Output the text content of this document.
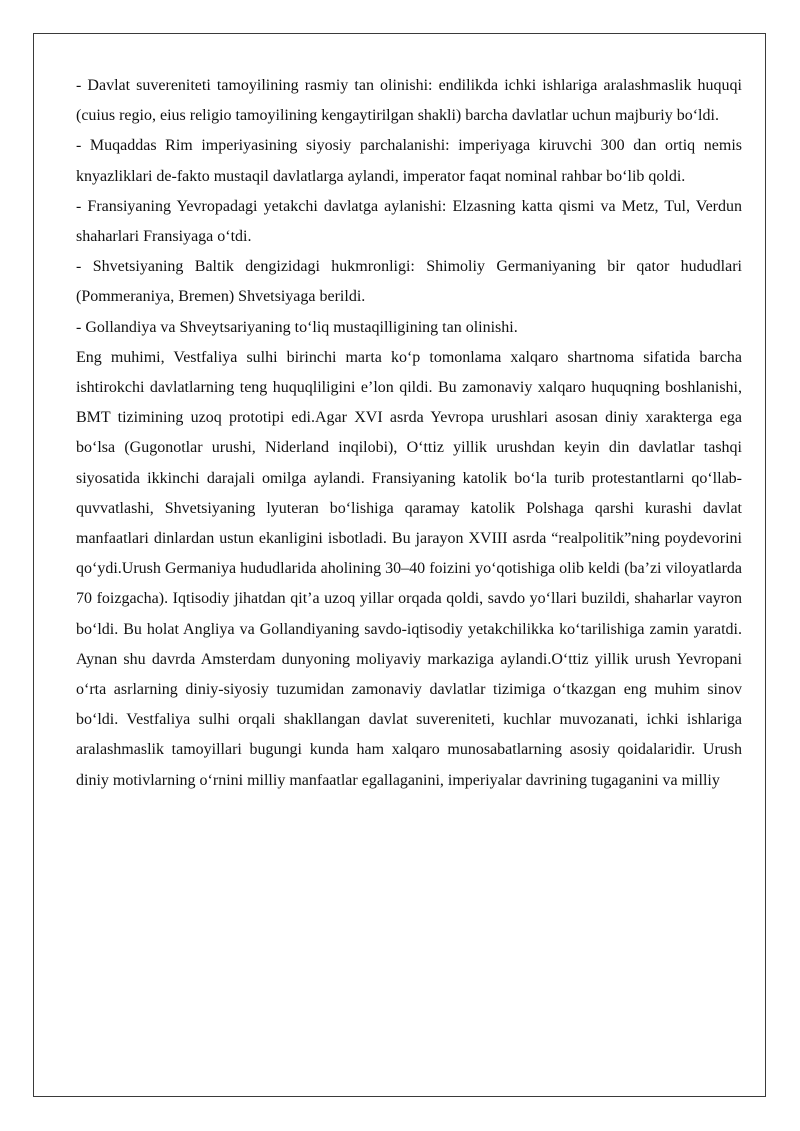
- Davlat suvereniteti tamoyilining rasmiy tan olinishi: endilikda ichki ishlariga aralashmaslik huquqi (cuius regio, eius religio tamoyilining kengaytirilgan shakli) barcha davlatlar uchun majburiy bo‘ldi.

- Muqaddas Rim imperiyasining siyosiy parchalanishi: imperiyaga kiruvchi 300 dan ortiq nemis knyazliklari de-fakto mustaqil davlatlarga aylandi, imperator faqat nominal rahbar bo‘lib qoldi.

- Fransiyaning Yevropadagi yetakchi davlatga aylanishi: Elzasning katta qismi va Metz, Tul, Verdun shaharlari Fransiyaga o‘tdi.

- Shvetsiyaning Baltik dengizidagi hukmronligi: Shimoliy Germaniyaning bir qator hududlari (Pommeraniya, Bremen) Shvetsiyaga berildi.

- Gollandiya va Shveytsariyaning to‘liq mustaqilligining tan olinishi.

Eng muhimi, Vestfaliya sulhi birinchi marta ko‘p tomonlama xalqaro shartnoma sifatida barcha ishtirokchi davlatlarning teng huquqliligini e’lon qildi. Bu zamonaviy xalqaro huquqning boshlanishi, BMT tizimining uzoq prototipi edi.Agar XVI asrda Yevropa urushlari asosan diniy xarakterga ega bo‘lsa (Gugonotlar urushi, Niderland inqilobi), O‘ttiz yillik urushdan keyin din davlatlar tashqi siyosatida ikkinchi darajali omilga aylandi. Fransiyaning katolik bo‘la turib protestantlarni qo‘llab-quvvatlashi, Shvetsiyaning lyuteran bo‘lishiga qaramay katolik Polshaga qarshi kurashi davlat manfaatlari dinlardan ustun ekanligini isbotladi. Bu jarayon XVIII asrda “realpolitik”ning poydevorini qo‘ydi.Urush Germaniya hududlarida aholining 30–40 foizini yo‘qotishiga olib keldi (ba’zi viloyatlarda 70 foizgacha). Iqtisodiy jihatdan qit’a uzoq yillar orqada qoldi, savdo yo‘llari buzildi, shaharlar vayron bo‘ldi. Bu holat Angliya va Gollandiyaning savdo-iqtisodiy yetakchilikka ko‘tarilishiga zamin yaratdi. Aynan shu davrda Amsterdam dunyoning moliyaviy markaziga aylandi.O‘ttiz yillik urush Yevropani o‘rta asrlarning diniy-siyosiy tuzumidan zamonaviy davlatlar tizimiga o‘tkazgan eng muhim sinov bo‘ldi. Vestfaliya sulhi orqali shakllangan davlat suvereniteti, kuchlar muvozanati, ichki ishlariga aralashmaslik tamoyillari bugungi kunda ham xalqaro munosabatlarning asosiy qoidalaridir. Urush diniy motivlarning o‘rnini milliy manfaatlar egallaganini, imperiyalar davrining tugaganini va milliy
